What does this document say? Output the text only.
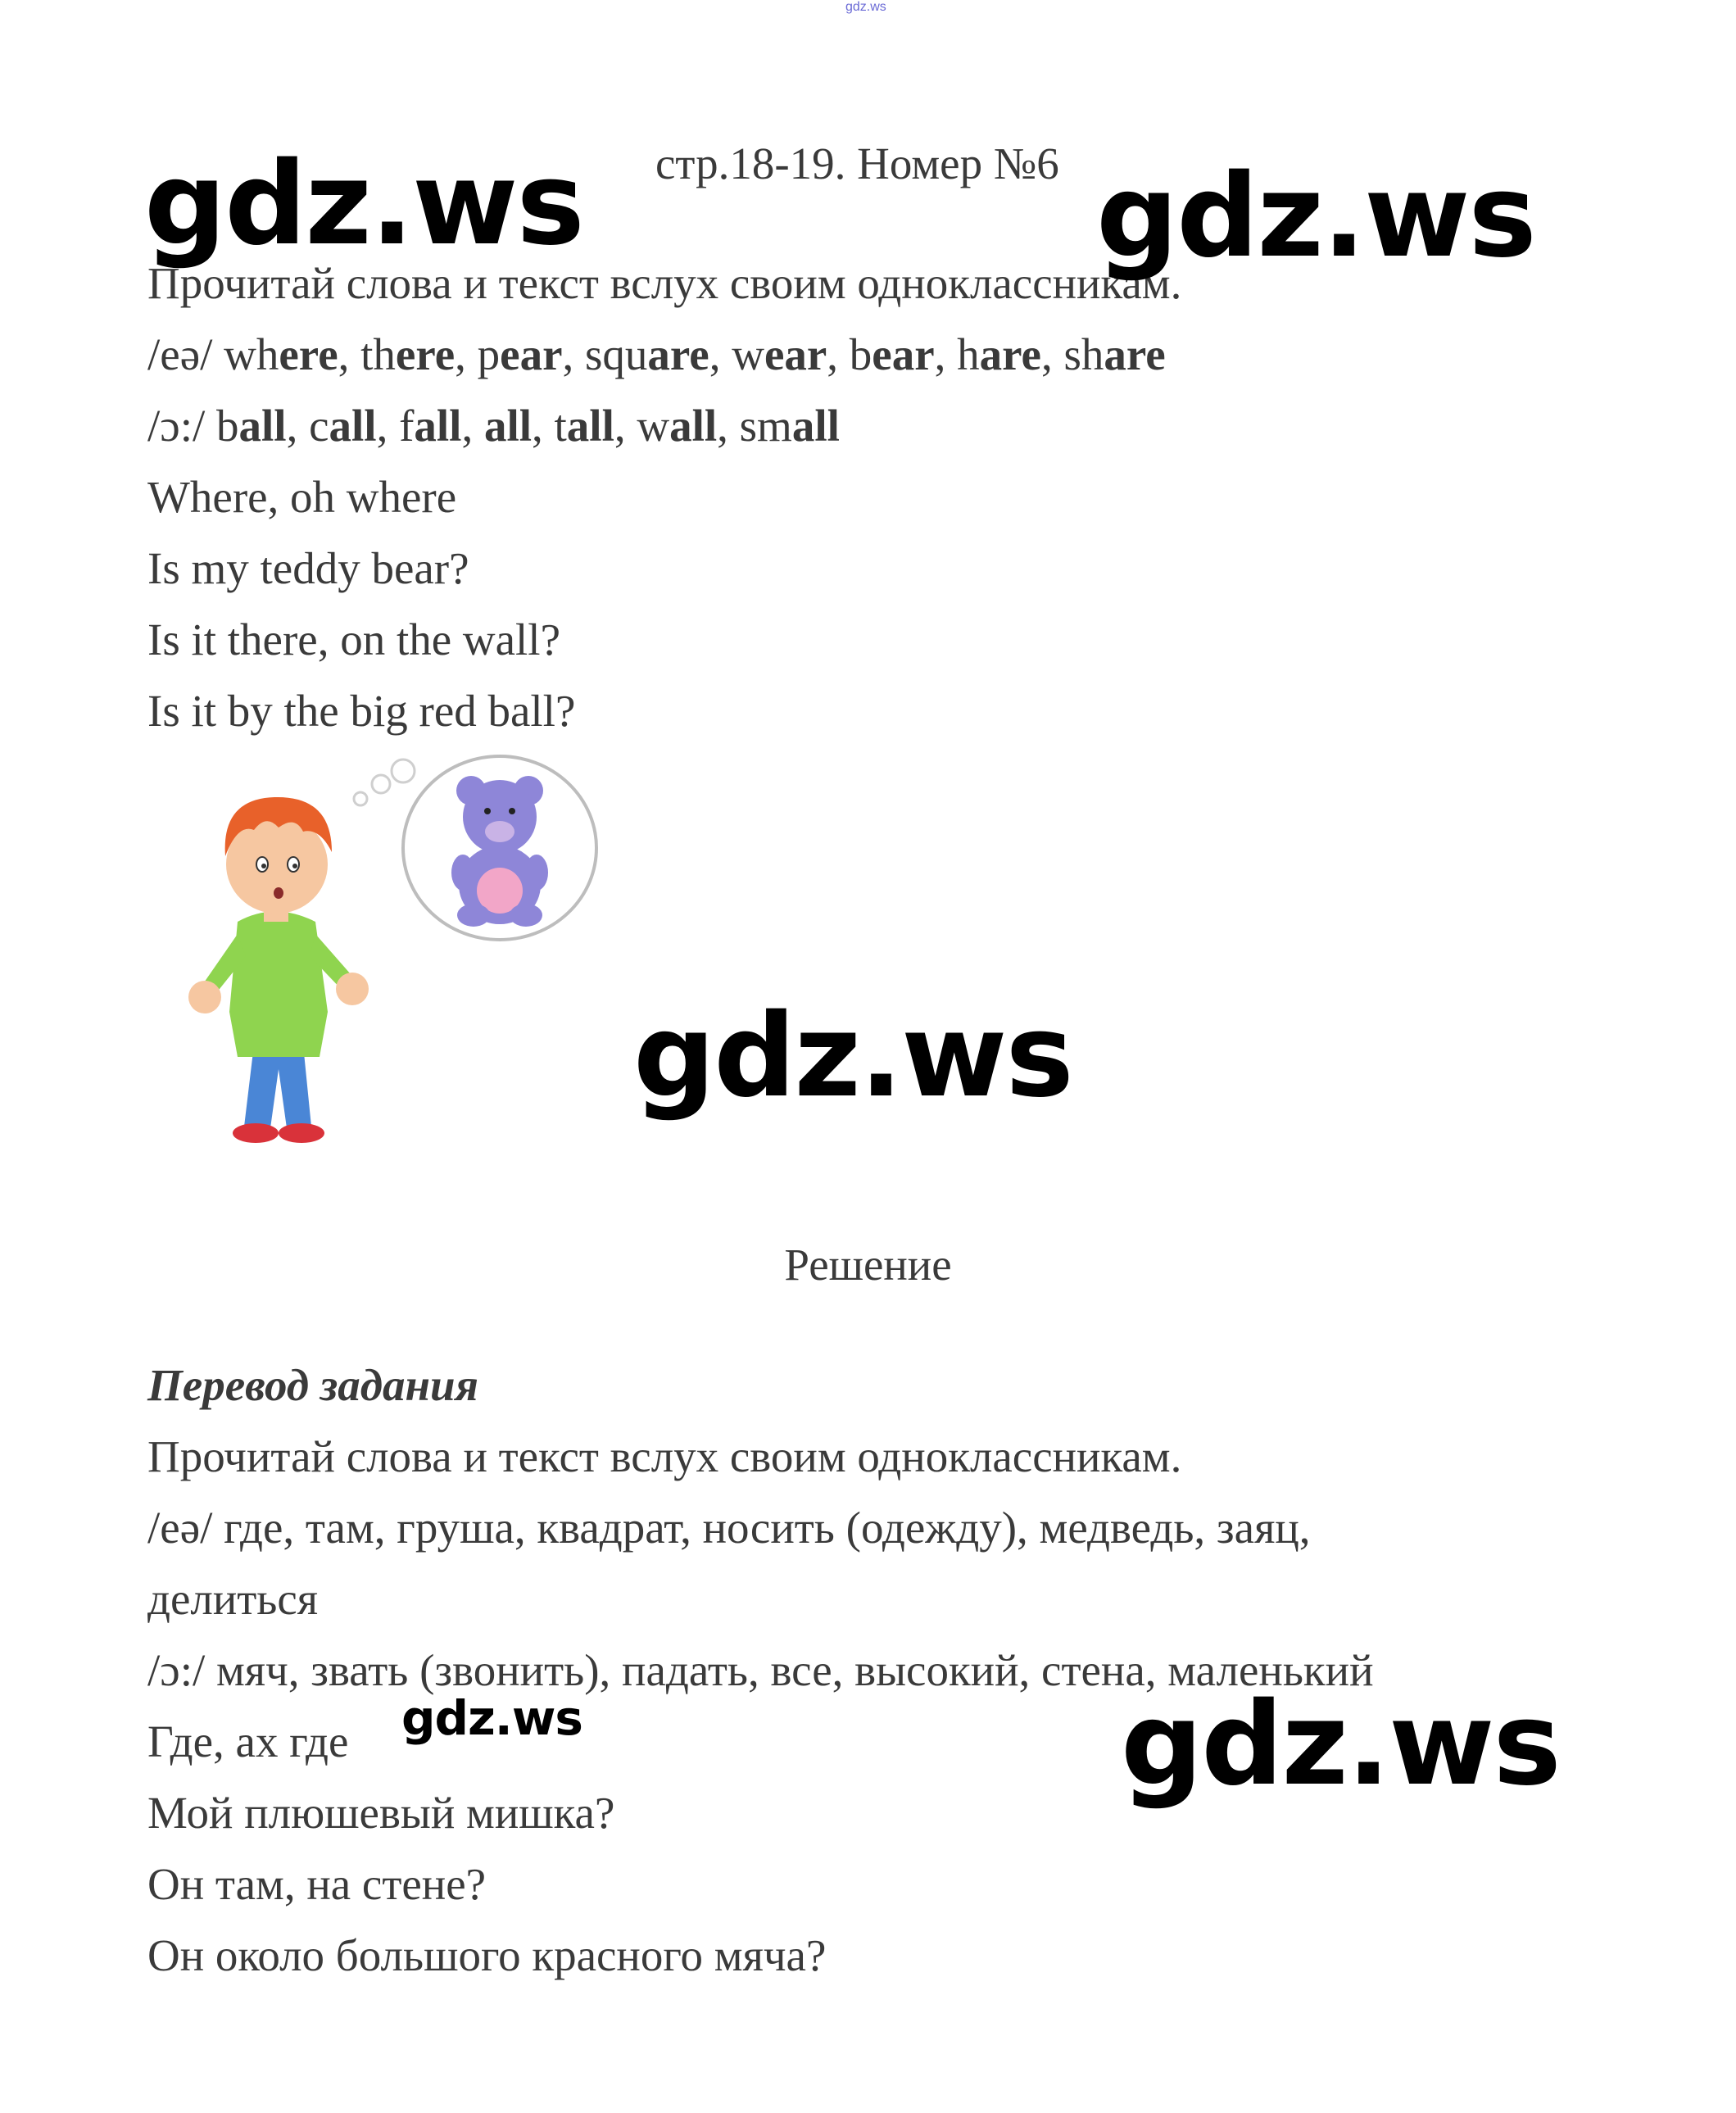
gdz.ws
стр.18-19. Номер №6
Прочитай слова и текст вслух своим одноклассникам.
/eə/ where, there, pear, square, wear, bear, hare, share
/ɔ:/ ball, call, fall, all, tall, wall, small
Where, oh where
Is my teddy bear?
Is it there, on the wall?
Is it by the big red ball?
Решение
Перевод задания
Прочитай слова и текст вслух своим одноклассникам.
/eə/ где, там, груша, квадрат, носить (одежду), медведь, заяц,
делиться
/ɔ:/ мяч, звать (звонить), падать, все, высокий, стена, маленький
Где, ах где
Мой плюшевый мишка?
Он там, на стене?
Он около большого красного мяча?
gdz.ws	gdz.ws
gdz.ws
gdz.ws	gdz.ws
